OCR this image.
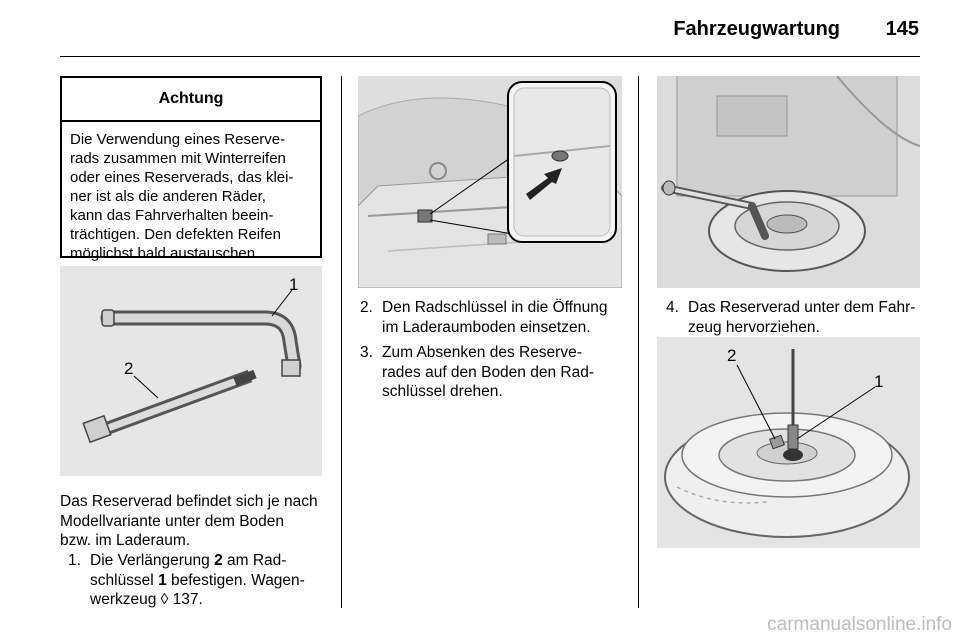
Fahrzeugwartung 145
Achtung
Die Verwendung eines Reserve-
rads zusammen mit Winterreifen
oder eines Reserverads, das klei-
ner ist als die anderen Räder,
kann das Fahrverhalten beein-
trächtigen. Den defekten Reifen
möglichst bald austauschen.
1
2
Das Reserverad befindet sich je nach
Modellvariante unter dem Boden
bzw. im Laderaum.
1. Die Verlängerung 2 am Rad-
schlüssel 1 befestigen. Wagen-
werkzeug ◊ 137.
2. Den Radschlüssel in die Öffnung
im Laderaumboden einsetzen.
3. Zum Absenken des Reserve-
rades auf den Boden den Rad-
schlüssel drehen.
4. Das Reserverad unter dem Fahr-
zeug hervorziehen.
2
1
carmanualsonline.info
